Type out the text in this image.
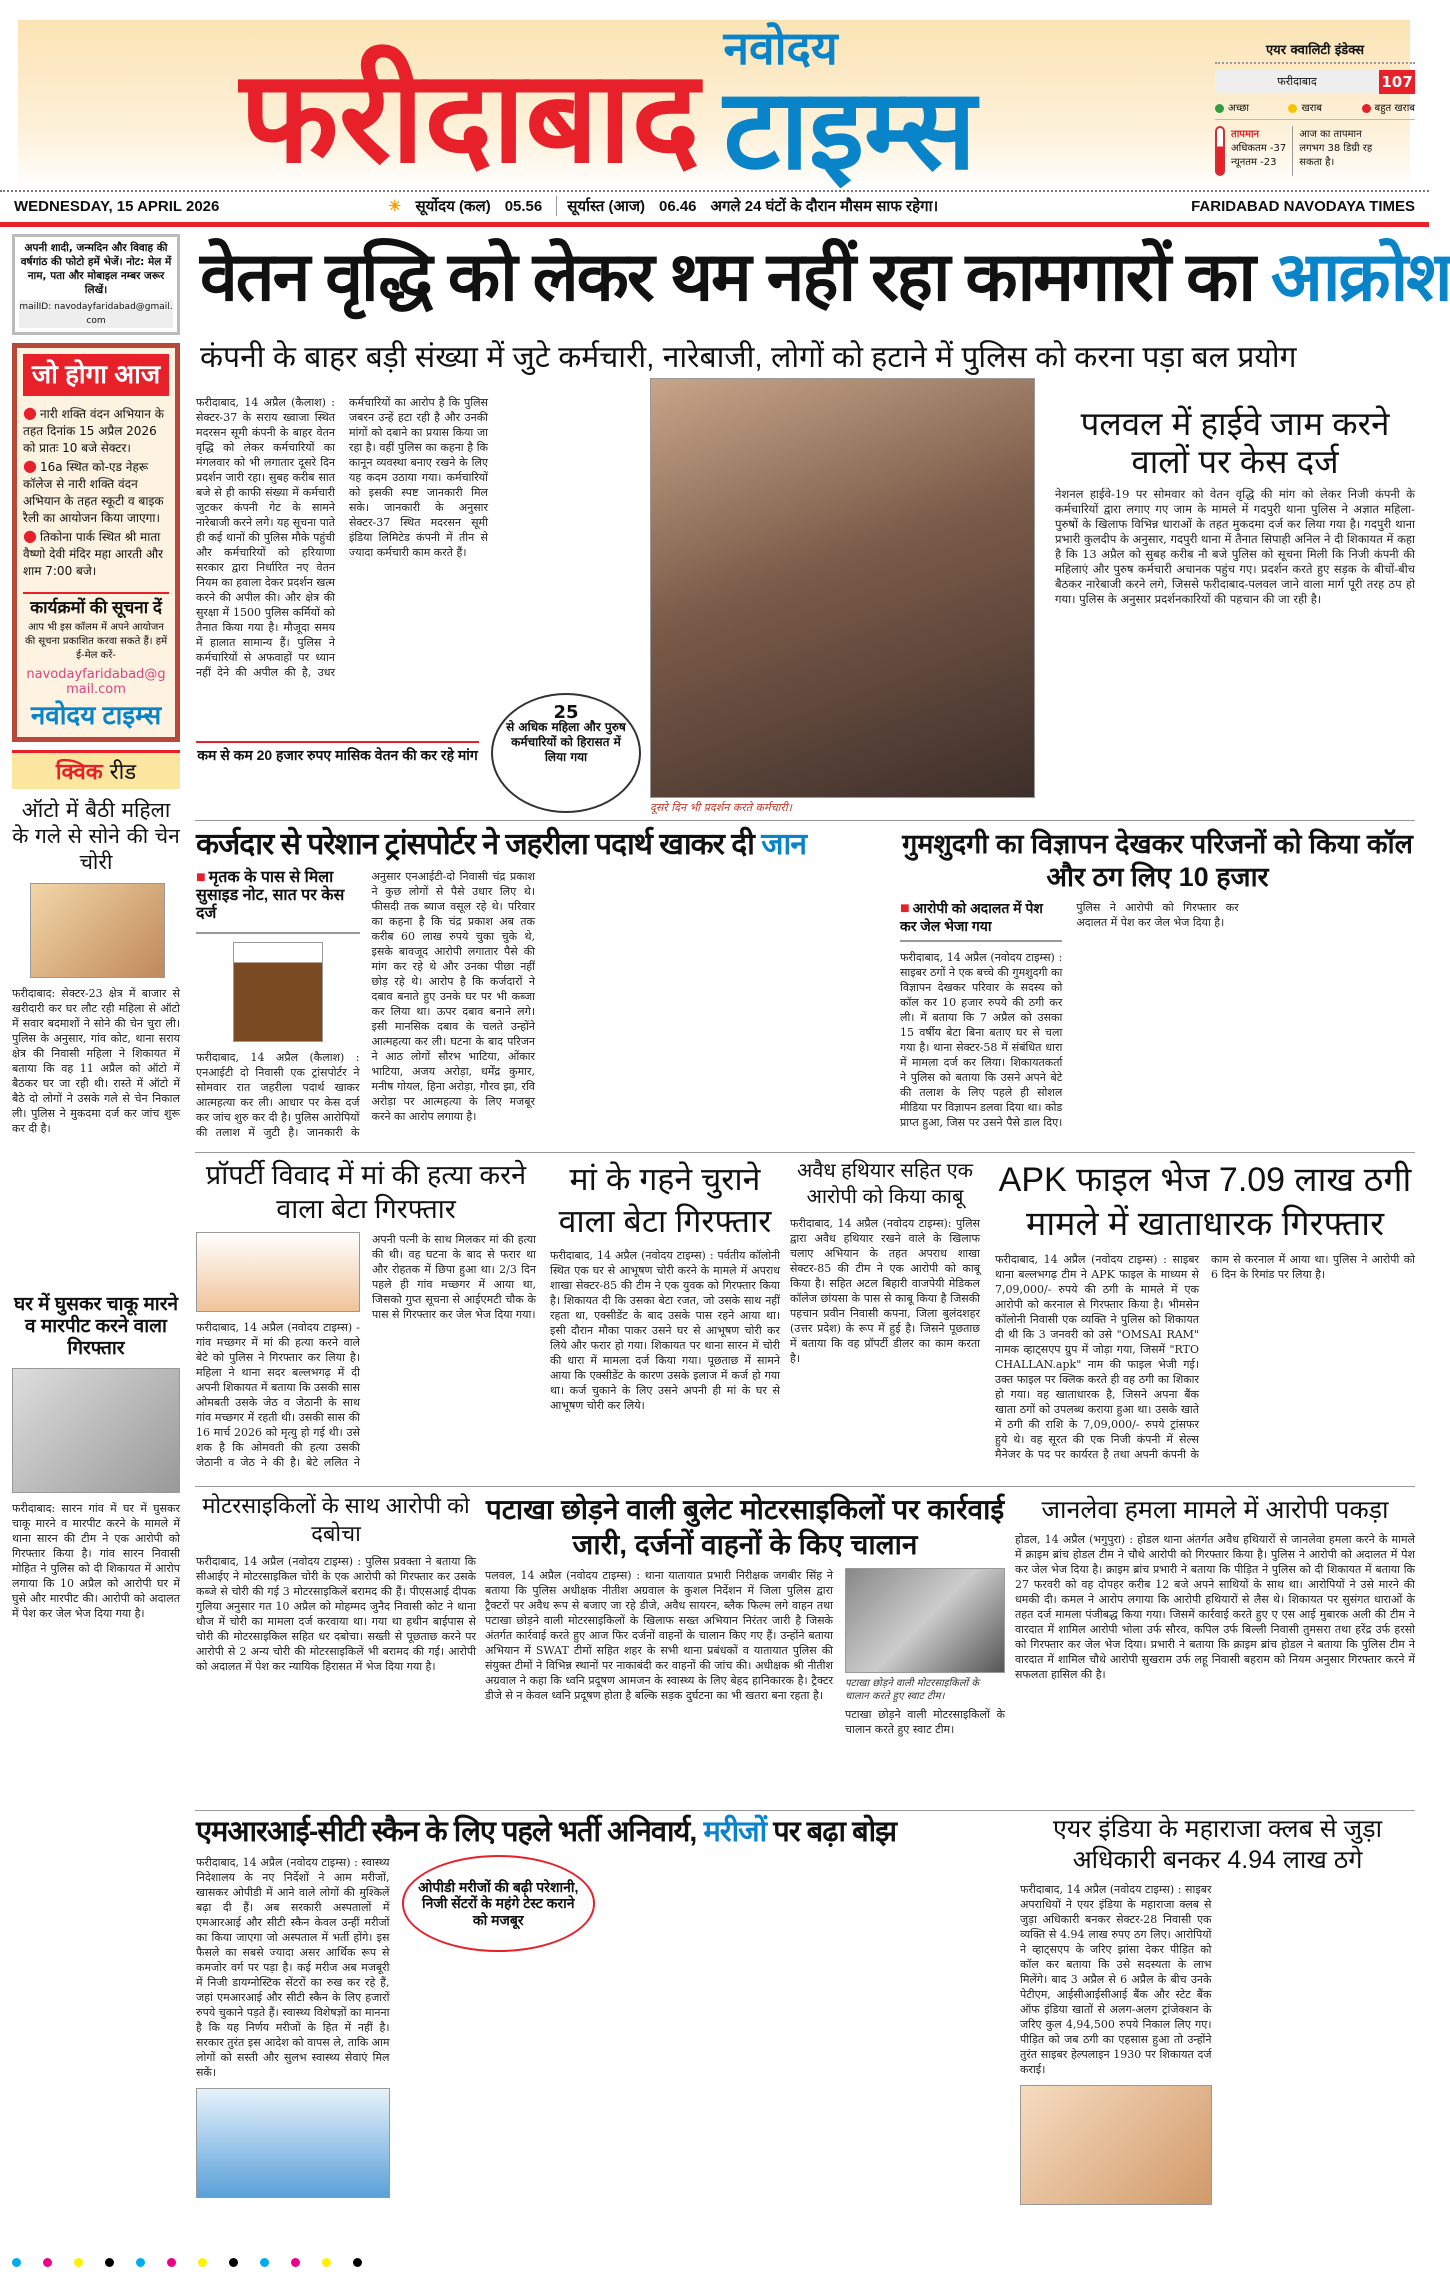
फरीदाबाद नवोदय
टाइम्स
एयर क्वालिटी इंडेक्स
फरीदाबाद	107
अच्छा	खराब	बहुत खराब
तापमान
अधिकतम -37
न्यूनतम -23
आज का तापमान लगभग 38 डिग्री रह सकता है।
WEDNESDAY, 15 APRIL 2026	☀ सूर्योदय (कल) 05.56	सूर्यास्त (आज) 06.46 अगले 24 घंटों के दौरान मौसम साफ रहेगा।	FARIDABAD NAVODAYA TIMES
अपनी शादी, जन्मदिन और विवाह की वर्षगांठ की फोटो हमें भेजें। नोट: मेल में नाम, पता और मोबाइल नम्बर जरूर लिखें।
mailID: navodayfaridabad@gmail.com
जो होगा आज

● नारी शक्ति वंदन अभियान के तहत दिनांक 15 अप्रैल 2026 को प्रातः 10 बजे सेक्टर।

● 16a स्थित को-एड नेहरू कॉलेज से नारी शक्ति वंदन अभियान के तहत स्कूटी व बाइक रैली का आयोजन किया जाएगा।

● तिकोना पार्क स्थित श्री माता वैष्णो देवी मंदिर महा आरती और शाम 7:00 बजे।

कार्यक्रमों की सूचना दें
आप भी इस कॉलम में अपने आयोजन की सूचना प्रकाशित करवा सकते हैं। हमें ई-मेल करें-
navodayfaridabad@gmail.com
नवोदय टाइम्स
क्विक रीड
ऑटो में बैठी महिला के गले से सोने की चेन चोरी
फरीदाबाद: सेक्टर-23 क्षेत्र में बाजार से खरीदारी कर घर लौट रही महिला से ऑटो में सवार बदमाशों ने सोने की चेन चुरा ली। पुलिस के अनुसार, गांव कोट, थाना सराय क्षेत्र की निवासी महिला ने शिकायत में बताया कि वह 11 अप्रैल को ऑटो में बैठकर घर जा रही थी। रास्ते में ऑटो में बैठे दो लोगों ने उसके गले से चेन निकाल ली। पुलिस ने मुकदमा दर्ज कर जांच शुरू कर दी है।
घर में घुसकर चाकू मारने व मारपीट करने वाला गिरफ्तार
फरीदाबाद: सारन गांव में घर में घुसकर चाकू मारने व मारपीट करने के मामले में थाना सारन की टीम ने एक आरोपी को गिरफ्तार किया है। गांव सारन निवासी मोहित ने पुलिस को दी शिकायत में आरोप लगाया कि 10 अप्रैल को आरोपी घर में घुसे और मारपीट की। आरोपी को अदालत में पेश कर जेल भेज दिया गया है।
वेतन वृद्धि को लेकर थम नहीं रहा कामगारों का आक्रोश
कंपनी के बाहर बड़ी संख्या में जुटे कर्मचारी, नारेबाजी, लोगों को हटाने में पुलिस को करना पड़ा बल प्रयोग
फरीदाबाद, 14 अप्रैल (कैलाश) : सेक्टर-37 के सराय ख्वाजा स्थित मदरसन सूमी कंपनी के बाहर वेतन वृद्धि को लेकर कर्मचारियों का मंगलवार को भी लगातार दूसरे दिन प्रदर्शन जारी रहा। सुबह करीब सात बजे से ही काफी संख्या में कर्मचारी जुटकर कंपनी गेट के सामने नारेबाजी करने लगे। यह सूचना पाते ही कई थानों की पुलिस मौके पहुंची और कर्मचारियों को हरियाणा सरकार द्वारा निर्धारित नए वेतन नियम का हवाला देकर प्रदर्शन खत्म करने की अपील की। और क्षेत्र की सुरक्षा में 1500 पुलिस कर्मियों को तैनात किया गया है। मौजूदा समय में हालात सामान्य हैं। पुलिस ने कर्मचारियों से अफवाहों पर ध्यान नहीं देने की अपील की है, उधर कर्मचारियों का आरोप है कि पुलिस जबरन उन्हें हटा रही है और उनकी मांगों को दबाने का प्रयास किया जा रहा है। वहीं पुलिस का कहना है कि कानून व्यवस्था बनाए रखने के लिए यह कदम उठाया गया। कर्मचारियों को इसकी स्पष्ट जानकारी मिल सके। जानकारी के अनुसार सेक्टर-37 स्थित मदरसन सूमी इंडिया लिमिटेड कंपनी में तीन से ज्यादा कर्मचारी काम करते हैं।
कम से कम 20 हजार रुपए मासिक वेतन की कर रहे मांग
25
से अधिक महिला और पुरुष कर्मचारियों को हिरासत में लिया गया
दूसरे दिन भी प्रदर्शन करते कर्मचारी।
पलवल में हाईवे जाम करने वालों पर केस दर्ज
नेशनल हाईवे-19 पर सोमवार को वेतन वृद्धि की मांग को लेकर निजी कंपनी के कर्मचारियों द्वारा लगाए गए जाम के मामले में गदपुरी थाना पुलिस ने अज्ञात महिला-पुरुषों के खिलाफ विभिन्न धाराओं के तहत मुकदमा दर्ज कर लिया गया है। गदपुरी थाना प्रभारी कुलदीप के अनुसार, गदपुरी थाना में तैनात सिपाही अनिल ने दी शिकायत में कहा है कि 13 अप्रैल को सुबह करीब नौ बजे पुलिस को सूचना मिली कि निजी कंपनी की महिलाएं और पुरुष कर्मचारी अचानक पहुंच गए। प्रदर्शन करते हुए सड़क के बीचों-बीच बैठकर नारेबाजी करने लगे, जिससे फरीदाबाद-पलवल जाने वाला मार्ग पूरी तरह ठप हो गया। पुलिस के अनुसार प्रदर्शनकारियों की पहचान की जा रही है।
कर्जदार से परेशान ट्रांसपोर्टर ने जहरीला पदार्थ खाकर दी जान
■ मृतक के पास से मिला सुसाइड नोट, सात पर केस दर्ज
फरीदाबाद, 14 अप्रैल (कैलाश) : एनआईटी दो निवासी एक ट्रांसपोर्टर ने सोमवार रात जहरीला पदार्थ खाकर आत्महत्या कर ली। आधार पर केस दर्ज कर जांच शुरु कर दी है। पुलिस आरोपियों की तलाश में जुटी है। जानकारी के अनुसार एनआईटी-दो निवासी चंद्र प्रकाश ने कुछ लोगों से पैसे उधार लिए थे। फीसदी तक ब्याज वसूल रहे थे। परिवार का कहना है कि चंद्र प्रकाश अब तक करीब 60 लाख रुपये चुका चुके थे, इसके बावजूद आरोपी लगातार पैसे की मांग कर रहे थे और उनका पीछा नहीं छोड़ रहे थे। आरोप है कि कर्जदारों ने दबाव बनाते हुए उनके घर पर भी कब्जा कर लिया था। ऊपर दबाव बनाने लगे। इसी मानसिक दबाव के चलते उन्होंने आत्महत्या कर ली। घटना के बाद परिजन ने आठ लोगों सौरभ भाटिया, ओंकार भाटिया, अजय अरोड़ा, धर्मेंद्र कुमार, मनीष गोयल, हिना अरोड़ा, गौरव झा, रवि अरोड़ा पर आत्महत्या के लिए मजबूर करने का आरोप लगाया है।
गुमशुदगी का विज्ञापन देखकर परिजनों को किया कॉल और ठग लिए 10 हजार
■ आरोपी को अदालत में पेश कर जेल भेजा गया
फरीदाबाद, 14 अप्रैल (नवोदय टाइम्स) : साइबर ठगों ने एक बच्चे की गुमशुदगी का विज्ञापन देखकर परिवार के सदस्य को कॉल कर 10 हजार रुपये की ठगी कर ली। में बताया कि 7 अप्रैल को उसका 15 वर्षीय बेटा बिना बताए घर से चला गया है। थाना सेक्टर-58 में संबंधित धारा में मामला दर्ज कर लिया। शिकायतकर्ता ने पुलिस को बताया कि उसने अपने बेटे की तलाश के लिए पहले ही सोशल मीडिया पर विज्ञापन डलवा दिया था। कोड प्राप्त हुआ, जिस पर उसने पैसे डाल दिए। पुलिस ने आरोपी को गिरफ्तार कर अदालत में पेश कर जेल भेज दिया है।
प्रॉपर्टी विवाद में मां की हत्या करने वाला बेटा गिरफ्तार
फरीदाबाद, 14 अप्रैल (नवोदय टाइम्स) - गांव मच्छगर में मां की हत्या करने वाले बेटे को पुलिस ने गिरफ्तार कर लिया है। महिला ने थाना सदर बल्लभगढ़ में दी अपनी शिकायत में बताया कि उसकी सास ओमबती उसके जेठ व जेठानी के साथ गांव मच्छगर में रहती थी। उसकी सास की 16 मार्च 2026 को मृत्यु हो गई थी। उसे शक है कि ओमवती की हत्या उसकी जेठानी व जेठ ने की है। बेटे ललित ने अपनी पत्नी के साथ मिलकर मां की हत्या की थी। वह घटना के बाद से फरार था और रोहतक में छिपा हुआ था। 2/3 दिन पहले ही गांव मच्छगर में आया था, जिसको गुप्त सूचना से आईएमटी चौक के पास से गिरफ्तार कर जेल भेज दिया गया।
मां के गहने चुराने वाला बेटा गिरफ्तार
फरीदाबाद, 14 अप्रैल (नवोदय टाइम्स) : पर्वतीय कॉलोनी स्थित एक घर से आभूषण चोरी करने के मामले में अपराध शाखा सेक्टर-85 की टीम ने एक युवक को गिरफ्तार किया है। शिकायत दी कि उसका बेटा रजत, जो उसके साथ नहीं रहता था, एक्सीडेंट के बाद उसके पास रहने आया था। इसी दौरान मौका पाकर उसने घर से आभूषण चोरी कर लिये और फरार हो गया। शिकायत पर थाना सारन में चोरी की धारा में मामला दर्ज किया गया। पूछताछ में सामने आया कि एक्सीडेंट के कारण उसके इलाज में कर्ज हो गया था। कर्ज चुकाने के लिए उसने अपनी ही मां के घर से आभूषण चोरी कर लिये।
अवैध हथियार सहित एक आरोपी को किया काबू
फरीदाबाद, 14 अप्रैल (नवोदय टाइम्स): पुलिस द्वारा अवैध हथियार रखने वाले के खिलाफ चलाए अभियान के तहत अपराध शाखा सेक्टर-85 की टीम ने एक आरोपी को काबू किया है। सहित अटल बिहारी वाजपेयी मेडिकल कॉलेज छांयसा के पास से काबू किया है जिसकी पहचान प्रवीन निवासी कपना, जिला बुलंदशहर (उत्तर प्रदेश) के रूप में हुई है। जिसने पूछताछ में बताया कि वह प्रॉपर्टी डीलर का काम करता है।
APK फाइल भेज 7.09 लाख ठगी मामले में खाताधारक गिरफ्तार
फरीदाबाद, 14 अप्रैल (नवोदय टाइम्स) : साइबर थाना बल्लभगढ़ टीम ने APK फाइल के माध्यम से 7,09,000/- रुपये की ठगी के मामले में एक आरोपी को करनाल से गिरफ्तार किया है। भीमसेन कॉलोनी निवासी एक व्यक्ति ने पुलिस को शिकायत दी थी कि 3 जनवरी को उसे "OMSAI RAM" नामक व्हाट्सएप ग्रुप में जोड़ा गया, जिसमें "RTO CHALLAN.apk" नाम की फाइल भेजी गई। उक्त फाइल पर क्लिक करते ही वह ठगी का शिकार हो गया। वह खाताधारक है, जिसने अपना बैंक खाता ठगों को उपलब्ध कराया हुआ था। उसके खाते में ठगी की राशि के 7,09,000/- रुपये ट्रांसफर हुये थे। वह सूरत की एक निजी कंपनी में सेल्स मैनेजर के पद पर कार्यरत है तथा अपनी कंपनी के काम से करनाल में आया था। पुलिस ने आरोपी को 6 दिन के रिमांड पर लिया है।
मोटरसाइकिलों के साथ आरोपी को दबोचा
फरीदाबाद, 14 अप्रैल (नवोदय टाइम्स) : पुलिस प्रवक्ता ने बताया कि सीआईए ने मोटरसाइकिल चोरी के एक आरोपी को गिरफ्तार कर उसके कब्जे से चोरी की गई 3 मोटरसाइकिलें बरामद की हैं। पीएसआई दीपक गुलिया अनुसार गत 10 अप्रैल को मोहम्मद जुनैद निवासी कोट ने थाना धौज में चोरी का मामला दर्ज करवाया था। गया था हथीन बाईपास से चोरी की मोटरसाइकिल सहित धर दबोचा। सख्ती से पूछताछ करने पर आरोपी से 2 अन्य चोरी की मोटरसाइकिलें भी बरामद की गई। आरोपी को अदालत में पेश कर न्यायिक हिरासत में भेज दिया गया है।
पटाखा छोड़ने वाली बुलेट मोटरसाइकिलों पर कार्रवाई जारी, दर्जनों वाहनों के किए चालान
पलवल, 14 अप्रैल (नवोदय टाइम्स) : थाना यातायात प्रभारी निरीक्षक जगबीर सिंह ने बताया कि पुलिस अधीक्षक नीतीश अग्रवाल के कुशल निर्देशन में जिला पुलिस द्वारा ट्रैक्टरों पर अवैध रूप से बजाए जा रहे डीजे, अवैध सायरन, ब्लैक फिल्म लगे वाहन तथा पटाखा छोड़ने वाली मोटरसाइकिलों के खिलाफ सख्त अभियान निरंतर जारी है जिसके अंतर्गत कार्रवाई करते हुए आज फिर दर्जनों वाहनों के चालान किए गए हैं। उन्होंने बताया अभियान में SWAT टीमों सहित शहर के सभी थाना प्रबंधकों व यातायात पुलिस की संयुक्त टीमों ने विभिन्न स्थानों पर नाकाबंदी कर वाहनों की जांच की। अधीक्षक श्री नीतीश अग्रवाल ने कहा कि ध्वनि प्रदूषण आमजन के स्वास्थ्य के लिए बेहद हानिकारक है। ट्रैक्टर डीजे से न केवल ध्वनि प्रदूषण होता है बल्कि सड़क दुर्घटना का भी खतरा बना रहता है।
पटाखा छोड़ने वाली मोटरसाइकिलों के चालान करते हुए स्वाट टीम।
पटाखा छोड़ने वाली मोटरसाइकिलों के चालान करते हुए स्वाट टीम।
जानलेवा हमला मामले में आरोपी पकड़ा
होडल, 14 अप्रैल (भगुपुरा) : होडल थाना अंतर्गत अवैध हथियारों से जानलेवा हमला करने के मामले में क्राइम ब्रांच होडल टीम ने चौथे आरोपी को गिरफ्तार किया है। पुलिस ने आरोपी को अदालत में पेश कर जेल भेज दिया है। क्राइम ब्रांच प्रभारी ने बताया कि पीड़ित ने पुलिस को दी शिकायत में बताया कि 27 फरवरी को वह दोपहर करीब 12 बजे अपने साथियों के साथ था। आरोपियों ने उसे मारने की धमकी दी। कमल ने आरोप लगाया कि आरोपी हथियारों से लैस थे। शिकायत पर सुसंगत धाराओं के तहत दर्ज मामला पंजीबद्ध किया गया। जिसमें कार्रवाई करते हुए ए एस आई मुबारक अली की टीम ने वारदात में शामिल आरोपी भोला उर्फ सौरव, कपिल उर्फ बिल्ली निवासी तुमसरा तथा हरेंद्र उर्फ हरसो को गिरफ्तार कर जेल भेज दिया। प्रभारी ने बताया कि क्राइम ब्रांच होडल ने बताया कि पुलिस टीम ने वारदात में शामिल चौथे आरोपी सुखराम उर्फ लहू निवासी बहराम को नियम अनुसार गिरफ्तार करने में सफलता हासिल की है।
एमआरआई-सीटी स्कैन के लिए पहले भर्ती अनिवार्य, मरीजों पर बढ़ा बोझ
फरीदाबाद, 14 अप्रैल (नवोदय टाइम्स) : स्वास्थ्य निदेशालय के नए निर्देशों ने आम मरीजों, खासकर ओपीडी में आने वाले लोगों की मुश्किलें बढ़ा दी हैं। अब सरकारी अस्पतालों में एमआरआई और सीटी स्कैन केवल उन्हीं मरीजों का किया जाएगा जो अस्पताल में भर्ती होंगे। इस फैसले का सबसे ज्यादा असर आर्थिक रूप से कमजोर वर्ग पर पड़ा है। कई मरीज अब मजबूरी में निजी डायग्नोस्टिक सेंटरों का रुख कर रहे हैं, जहां एमआरआई और सीटी स्कैन के लिए हजारों रुपये चुकाने पड़ते हैं। स्वास्थ्य विशेषज्ञों का मानना है कि यह निर्णय मरीजों के हित में नहीं है। सरकार तुरंत इस आदेश को वापस ले, ताकि आम लोगों को सस्ती और सुलभ स्वास्थ्य सेवाएं मिल सकें।
ओपीडी मरीजों की बढ़ी परेशानी, निजी सेंटरों के महंगे टेस्ट कराने को मजबूर
एयर इंडिया के महाराजा क्लब से जुड़ा अधिकारी बनकर 4.94 लाख ठगे
फरीदाबाद, 14 अप्रैल (नवोदय टाइम्स) : साइबर अपराधियों ने एयर इंडिया के महाराजा क्लब से जुड़ा अधिकारी बनकर सेक्टर-28 निवासी एक व्यक्ति से 4.94 लाख रुपए ठग लिए। आरोपियों ने व्हाट्सएप के जरिए झांसा देकर पीड़ित को कॉल कर बताया कि उसे सदस्यता के लाभ मिलेंगे। बाद 3 अप्रैल से 6 अप्रैल के बीच उनके पेटीएम, आईसीआईसीआई बैंक और स्टेट बैंक ऑफ इंडिया खातों से अलग-अलग ट्रांजेक्शन के जरिए कुल 4,94,500 रुपये निकाल लिए गए। पीड़ित को जब ठगी का एहसास हुआ तो उन्होंने तुरंत साइबर हेल्पलाइन 1930 पर शिकायत दर्ज कराई।
